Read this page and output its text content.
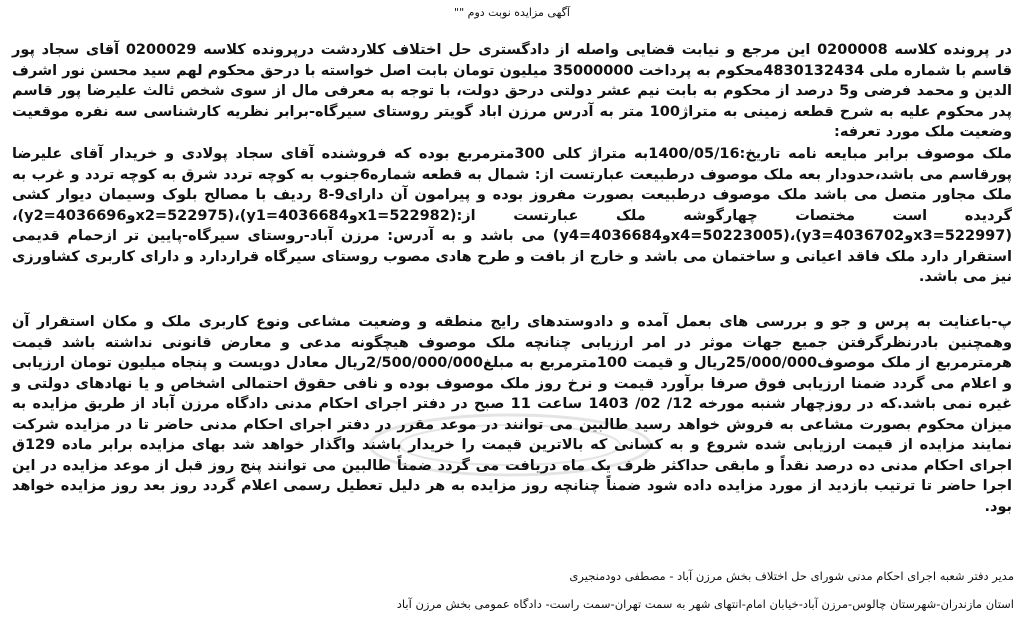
آگهی مزایده نوبت دوم ""

در پرونده کلاسه 0200008 این مرجع و نیابت قضایی واصله از دادگستری حل اختلاف کلاردشت درپرونده کلاسه 0200029 آقای سجاد پور قاسم با شماره ملی 4830132434محکوم به پرداخت 35000000 میلیون تومان بابت اصل خواسته با درحق محکوم لهم سید محسن نور اشرف الدین و محمد فرضی و5 درصد از محکوم به بابت نیم عشر دولتی درحق دولت، با توجه به معرفی مال از سوی شخص ثالث علیرضا پور قاسم پدر محکوم علیه به شرح قطعه زمینی به متراژ100 متر به آدرس مرزن اباد گویتر روستای سیرگاه-برابر نظریه کارشناسی سه نفره موقعیت وضعیت ملک مورد تعرفه:

ملک موصوف برابر مبایعه نامه تاریخ:1400/05/16به متراژ کلی 300مترمربع بوده که فروشنده آقای سجاد پولادی و خریدار آقای علیرضا پورقاسم می باشد،حدودار بعه ملک موصوف درطبیعت عبارتست از: شمال به قطعه شماره6جنوب به کوچه تردد شرق به کوچه تردد و غرب به ملک مجاور متصل می باشد ملک موصوف درطبیعت بصورت مفروز بوده و پیرامون آن دارای9-8 ردیف با مصالح بلوک وسیمان دیوار کشی گردیده است مختصات چهارگوشه ملک عبارتست از:(x1=522982وy1=4036684)،(x2=522975وy2=4036696)،(x3=522997وy3=4036702)،(x4=50223005وy4=4036684) می باشد و به آدرس: مرزن آباد-روستای سیرگاه-پایین تر ازحمام قدیمی استقرار دارد ملک فاقد اعیانی و ساختمان می باشد و خارج از بافت و طرح هادی مصوب روستای سیرگاه قراردارد و دارای کاربری کشاورزی نیز می باشد.

پ-باعنایت به پرس و جو و بررسی های بعمل آمده و دادوستدهای رایج منطقه و وضعیت مشاعی ونوع کاربری ملک و مکان استقرار آن وهمچنین بادرنظرگرفتن جمیع جهات موثر در امر ارزیابی چنانچه ملک موصوف هیچگونه مدعی و معارض قانونی نداشته باشد قیمت هرمترمربع از ملک موصوف25/000/000ریال و قیمت 100مترمربع به مبلغ2/500/000/000ریال معادل دویست و پنجاه میلیون تومان ارزیابی و اعلام می گردد ضمنا ارزیابی فوق صرفا برآورد قیمت و نرخ روز ملک موصوف بوده و نافی حقوق احتمالی اشخاص و یا نهادهای دولتی و غیره نمی باشد.که در روزچهار شنبه مورخه 12/ 02/ 1403 ساعت 11 صبح در دفتر اجرای احکام مدنی دادگاه مرزن آباد از طریق مزایده به میزان محکوم بصورت مشاعی به فروش خواهد رسید طالبین می توانند در موعد مقرر در دفتر اجرای احکام مدنی حاضر تا در مزایده شرکت نمایند مزایده از قیمت ارزیابی شده شروع و به کسانی که بالاترین قیمت را خریدار باشند واگذار خواهد شد بهای مزایده برابر ماده 129ق اجرای احکام مدنی ده درصد نقداً و مابقی حداکثر ظرف یک ماه دریافت می گردد ضمناً طالبین می توانند پنج روز قبل از موعد مزایده در این اجرا حاضر تا ترتیب بازدید از مورد مزایده داده شود ضمناً چنانچه روز مزایده به هر دلیل تعطیل رسمی اعلام گردد روز بعد روز مزایده خواهد بود.

مدیر دفتر شعبه اجرای احکام مدنی شورای حل اختلاف بخش مرزن آباد - مصطفی دودمنجیری
استان مازندران-شهرستان چالوس-مرزن آباد-خیابان امام-انتهای شهر به سمت تهران-سمت راست- دادگاه عمومی بخش مرزن آباد
